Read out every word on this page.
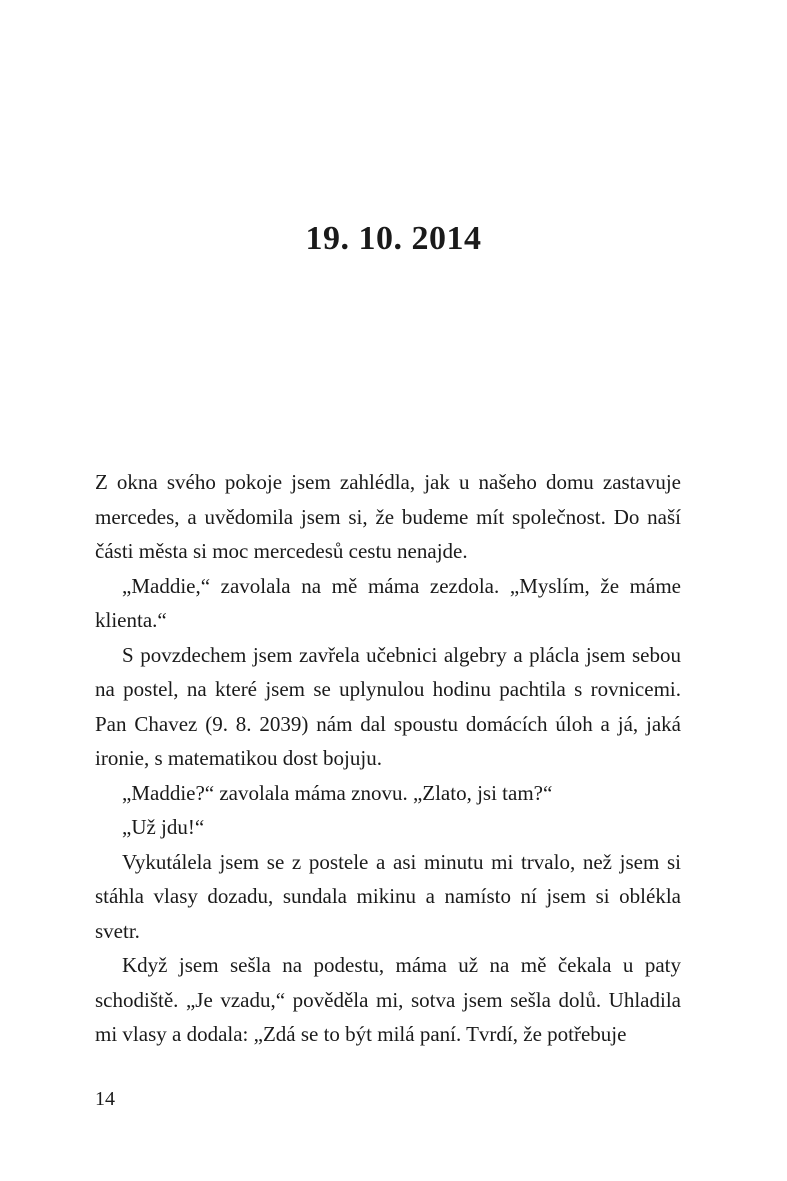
19. 10. 2014

Z okna svého pokoje jsem zahlédla, jak u našeho domu zastavuje mercedes, a uvědomila jsem si, že budeme mít společnost. Do naší části města si moc mercedesů cestu nenajde.

„Maddie,“ zavolala na mě máma zezdola. „Myslím, že máme klienta.“

S povzdechem jsem zavřela učebnici algebry a plácla jsem sebou na postel, na které jsem se uplynulou hodinu pachtila s rovnicemi. Pan Chavez (9. 8. 2039) nám dal spoustu domácích úloh a já, jaká ironie, s matematikou dost bojuju.

„Maddie?“ zavolala máma znovu. „Zlato, jsi tam?“

„Už jdu!“

Vykutálela jsem se z postele a asi minutu mi trvalo, než jsem si stáhla vlasy dozadu, sundala mikinu a namísto ní jsem si oblékla svetr.

Když jsem sešla na podestu, máma už na mě čekala u paty schodiště. „Je vzadu,“ pověděla mi, sotva jsem sešla dolů. Uhladila mi vlasy a dodala: „Zdá se to být milá paní. Tvrdí, že potřebuje

14
